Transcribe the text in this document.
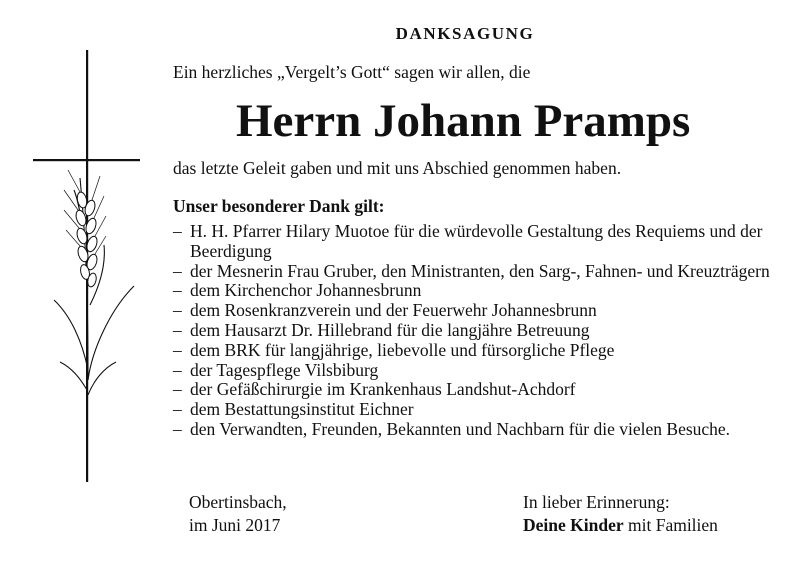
DANKSAGUNG
Ein herzliches „Vergelt’s Gott“ sagen wir allen, die
Herrn Johann Pramps
das letzte Geleit gaben und mit uns Abschied genommen haben.
Unser besonderer Dank gilt:
– H. H. Pfarrer Hilary Muotoe für die würdevolle Gestaltung des Requiems und der Beerdigung
– der Mesnerin Frau Gruber, den Ministranten, den Sarg-, Fahnen- und Kreuzträgern
– dem Kirchenchor Johannesbrunn
– dem Rosenkranzverein und der Feuerwehr Johannesbrunn
– dem Hausarzt Dr. Hillebrand für die langjähre Betreuung
– dem BRK für langjährige, liebevolle und fürsorgliche Pflege
– der Tagespflege Vilsbiburg
– der Gefäßchirurgie im Krankenhaus Landshut-Achdorf
– dem Bestattungsinstitut Eichner
– den Verwandten, Freunden, Bekannten und Nachbarn für die vielen Besuche.
Obertinsbach,
im Juni 2017
In lieber Erinnerung:
Deine Kinder mit Familien
